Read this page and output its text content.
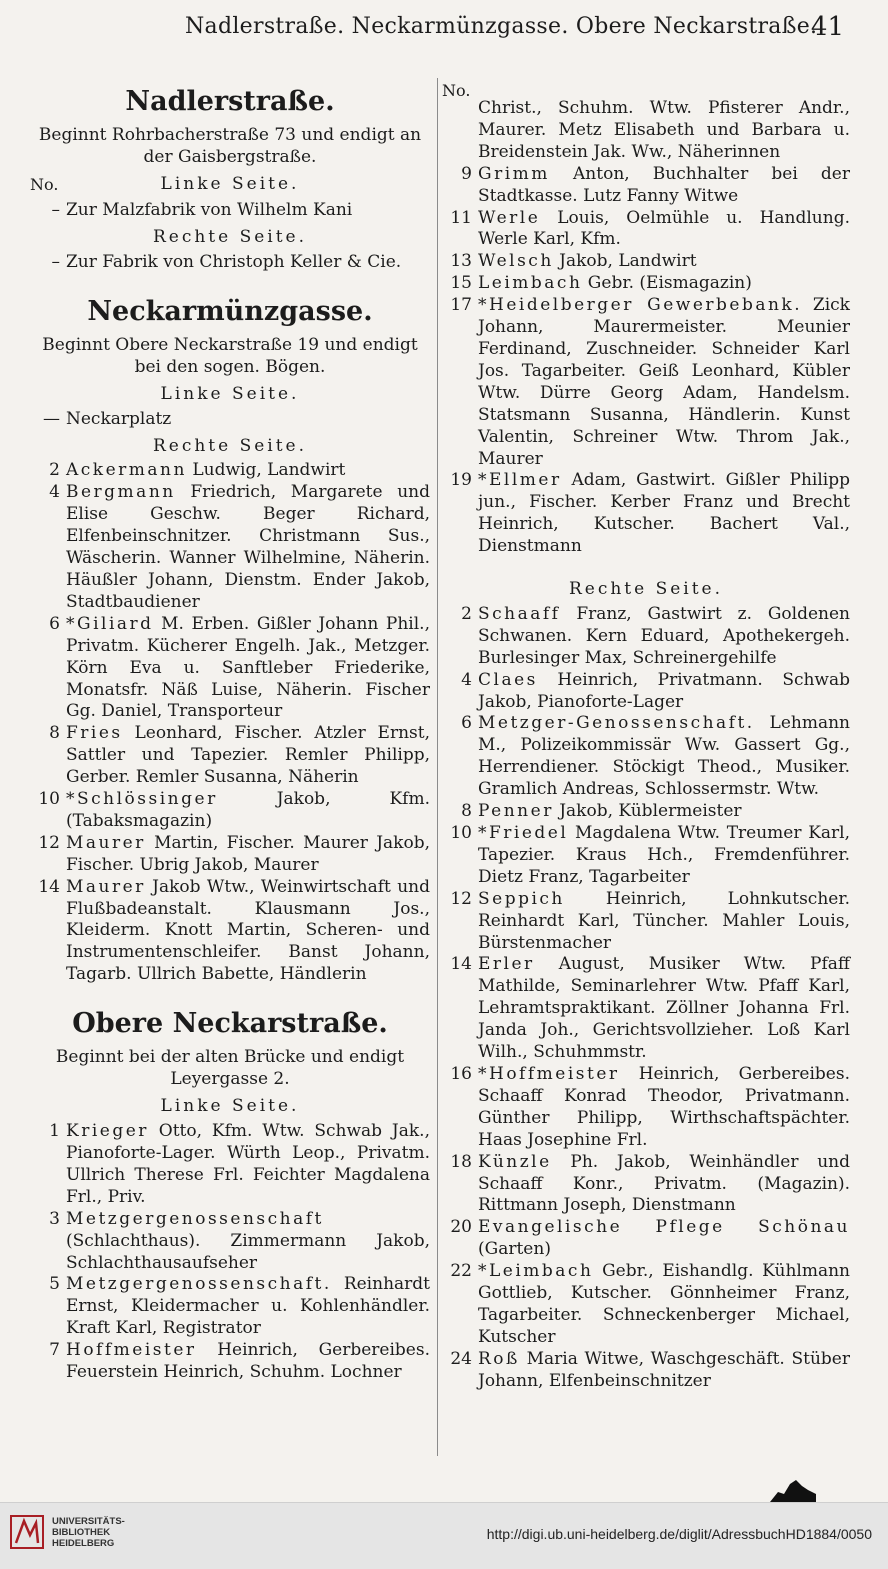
Nadlerstraße. Neckarmünzgasse. Obere Neckarstraße.
41
Nadlerstraße.
Beginnt Rohrbacherstraße 73 und endigt an der Gaisbergstraße.
No.	Linke Seite.
– Zur Malzfabrik von Wilhelm Kani
Rechte Seite.
– Zur Fabrik von Christoph Keller & Cie.
Neckarmünzgasse.
Beginnt Obere Neckarstraße 19 und endigt bei den sogen. Bögen.
Linke Seite.
— Neckarplatz
Rechte Seite.
2 Ackermann Ludwig, Landwirt
4 Bergmann Friedrich, Margarete und Elise Geschw. Beger Richard, Elfenbeinschnitzer. Christmann Sus., Wäscherin. Wanner Wilhelmine, Näherin. Häußler Johann, Dienstm. Ender Jakob, Stadtbaudiener
6 *Giliard M. Erben. Gißler Johann Phil., Privatm. Kücherer Engelh. Jak., Metzger. Körn Eva u. Sanftleber Friederike, Monatsfr. Näß Luise, Näherin. Fischer Gg. Daniel, Transporteur
8 Fries Leonhard, Fischer. Atzler Ernst, Sattler und Tapezier. Remler Philipp, Gerber. Remler Susanna, Näherin
10 *Schlössinger Jakob, Kfm. (Tabaksmagazin)
12 Maurer Martin, Fischer. Maurer Jakob, Fischer. Ubrig Jakob, Maurer
14 Maurer Jakob Wtw., Weinwirtschaft und Flußbadeanstalt. Klausmann Jos., Kleiderm. Knott Martin, Scheren- und Instrumentenschleifer. Banst Johann, Tagarb. Ullrich Babette, Händlerin
Obere Neckarstraße.
Beginnt bei der alten Brücke und endigt Leyergasse 2.
Linke Seite.
1 Krieger Otto, Kfm. Wtw. Schwab Jak., Pianoforte-Lager. Würth Leop., Privatm. Ullrich Therese Frl. Feichter Magdalena Frl., Priv.
3 Metzgergenossenschaft (Schlachthaus). Zimmermann Jakob, Schlachthausaufseher
5 Metzgergenossenschaft. Reinhardt Ernst, Kleidermacher u. Kohlenhändler. Kraft Karl, Registrator
7 Hoffmeister Heinrich, Gerbereibes. Feuerstein Heinrich, Schuhm. Lochner
No.
Christ., Schuhm. Wtw. Pfisterer Andr., Maurer. Metz Elisabeth und Barbara u. Breidenstein Jak. Ww., Näherinnen
9 Grimm Anton, Buchhalter bei der Stadtkasse. Lutz Fanny Witwe
11 Werle Louis, Oelmühle u. Handlung. Werle Karl, Kfm.
13 Welsch Jakob, Landwirt
15 Leimbach Gebr. (Eismagazin)
17 *Heidelberger Gewerbebank. Zick Johann, Maurermeister. Meunier Ferdinand, Zuschneider. Schneider Karl Jos. Tagarbeiter. Geiß Leonhard, Kübler Wtw. Dürre Georg Adam, Handelsm. Statsmann Susanna, Händlerin. Kunst Valentin, Schreiner Wtw. Throm Jak., Maurer
19 *Ellmer Adam, Gastwirt. Gißler Philipp jun., Fischer. Kerber Franz und Brecht Heinrich, Kutscher. Bachert Val., Dienstmann
Rechte Seite.
2 Schaaff Franz, Gastwirt z. Goldenen Schwanen. Kern Eduard, Apothekergeh. Burlesinger Max, Schreinergehilfe
4 Claes Heinrich, Privatmann. Schwab Jakob, Pianoforte-Lager
6 Metzger-Genossenschaft. Lehmann M., Polizeikommissär Ww. Gassert Gg., Herrendiener. Stöckigt Theod., Musiker. Gramlich Andreas, Schlossermstr. Wtw.
8 Penner Jakob, Küblermeister
10 *Friedel Magdalena Wtw. Treumer Karl, Tapezier. Kraus Hch., Fremdenführer. Dietz Franz, Tagarbeiter
12 Seppich Heinrich, Lohnkutscher. Reinhardt Karl, Tüncher. Mahler Louis, Bürstenmacher
14 Erler August, Musiker Wtw. Pfaff Mathilde, Seminarlehrer Wtw. Pfaff Karl, Lehramtspraktikant. Zöllner Johanna Frl. Janda Joh., Gerichtsvollzieher. Loß Karl Wilh., Schuhmmstr.
16 *Hoffmeister Heinrich, Gerbereibes. Schaaff Konrad Theodor, Privatmann. Günther Philipp, Wirthschaftspächter. Haas Josephine Frl.
18 Künzle Ph. Jakob, Weinhändler und Schaaff Konr., Privatm. (Magazin). Rittmann Joseph, Dienstmann
20 Evangelische Pflege Schönau (Garten)
22 *Leimbach Gebr., Eishandlg. Kühlmann Gottlieb, Kutscher. Gönnheimer Franz, Tagarbeiter. Schneckenberger Michael, Kutscher
24 Roß Maria Witwe, Waschgeschäft. Stüber Johann, Elfenbeinschnitzer
UNIVERSITÄTS-
BIBLIOTHEK
HEIDELBERG
http://digi.ub.uni-heidelberg.de/diglit/AdressbuchHD1884/0050
